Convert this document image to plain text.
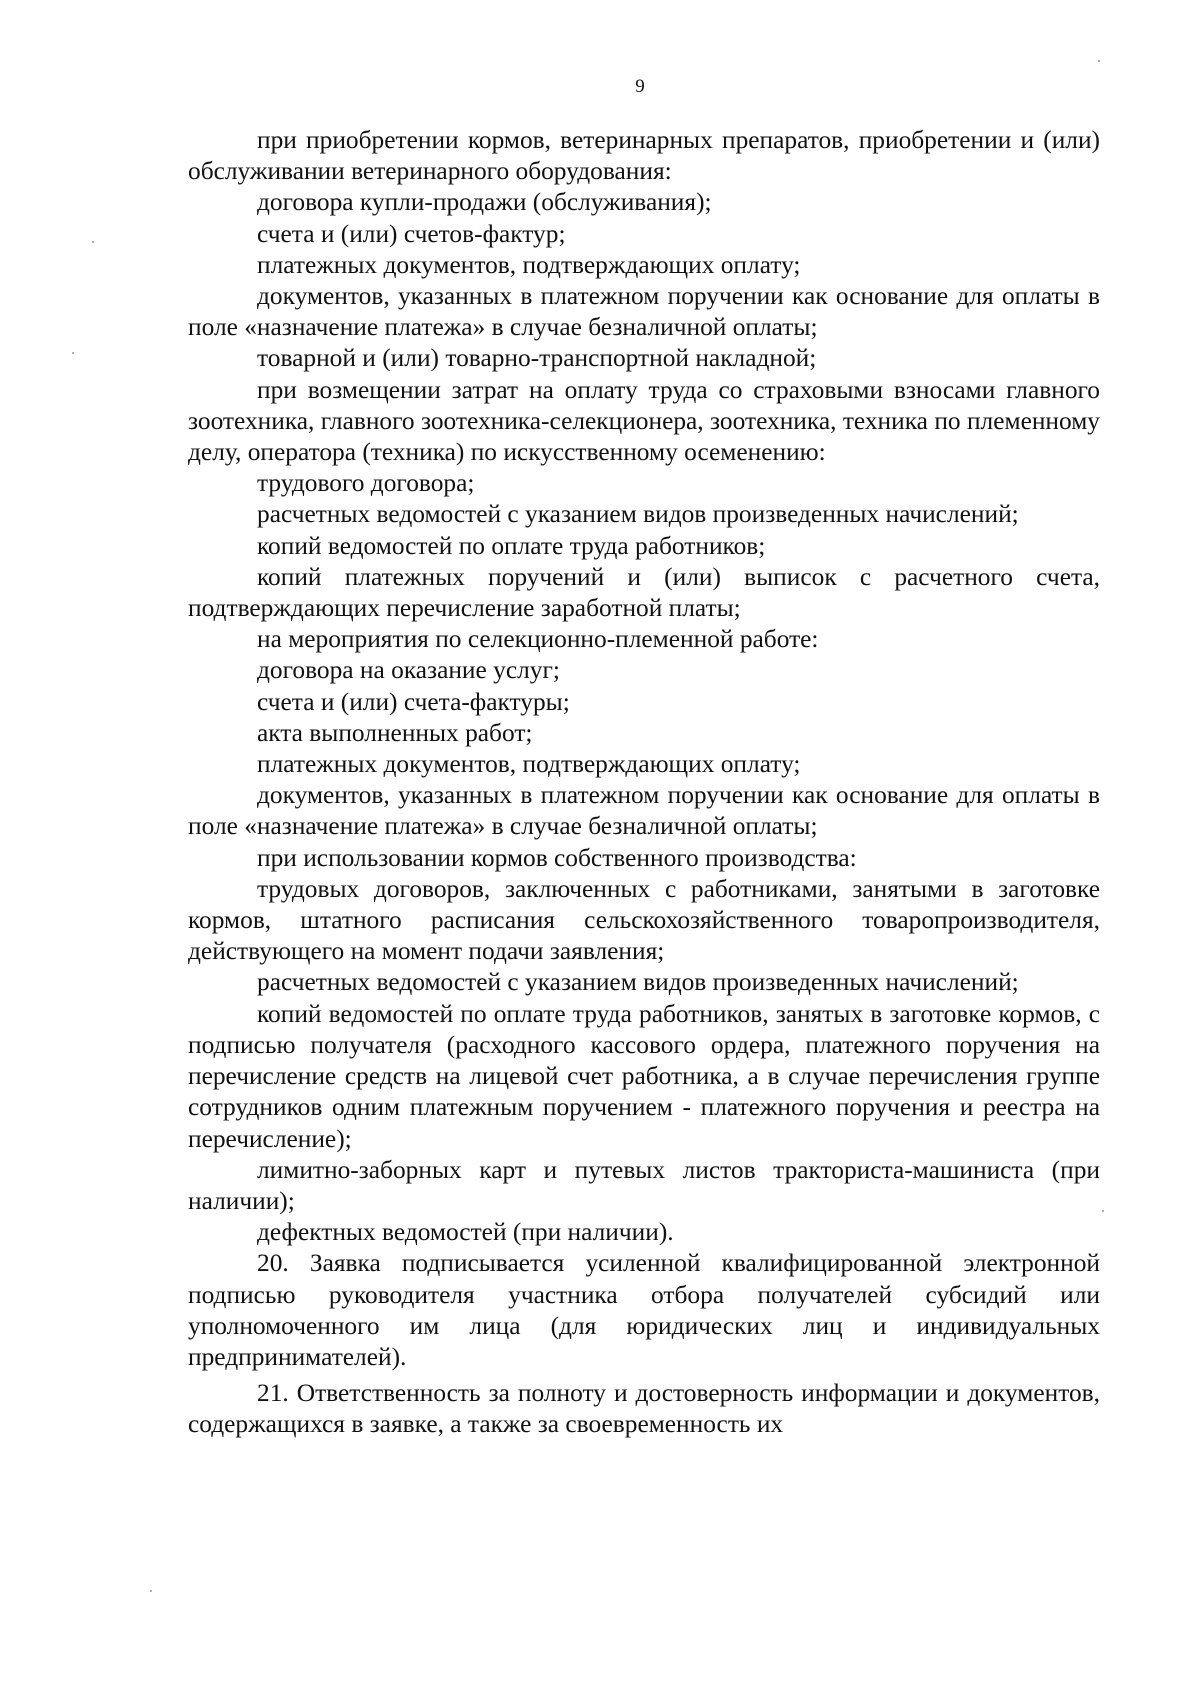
9

при приобретении кормов, ветеринарных препаратов, приобретении и (или) обслуживании ветеринарного оборудования:

договора купли-продажи (обслуживания);

счета и (или) счетов-фактур;

платежных документов, подтверждающих оплату;

документов, указанных в платежном поручении как основание для оплаты в поле «назначение платежа» в случае безналичной оплаты;

товарной и (или) товарно-транспортной накладной;

при возмещении затрат на оплату труда со страховыми взносами главного зоотехника, главного зоотехника-селекционера, зоотехника, техника по племенному делу, оператора (техника) по искусственному осеменению:

трудового договора;

расчетных ведомостей с указанием видов произведенных начислений;

копий ведомостей по оплате труда работников;

копий платежных поручений и (или) выписок с расчетного счета, подтверждающих перечисление заработной платы;

на мероприятия по селекционно-племенной работе:

договора на оказание услуг;

счета и (или) счета-фактуры;

акта выполненных работ;

платежных документов, подтверждающих оплату;

документов, указанных в платежном поручении как основание для оплаты в поле «назначение платежа» в случае безналичной оплаты;

при использовании кормов собственного производства:

трудовых договоров, заключенных с работниками, занятыми в заготовке кормов, штатного расписания сельскохозяйственного товаропроизводителя, действующего на момент подачи заявления;

расчетных ведомостей с указанием видов произведенных начислений;

копий ведомостей по оплате труда работников, занятых в заготовке кормов, с подписью получателя (расходного кассового ордера, платежного поручения на перечисление средств на лицевой счет работника, а в случае перечисления группе сотрудников одним платежным поручением - платежного поручения и реестра на перечисление);

лимитно-заборных карт и путевых листов тракториста-машиниста (при наличии);

дефектных ведомостей (при наличии).

20. Заявка подписывается усиленной квалифицированной электронной подписью руководителя участника отбора получателей субсидий или уполномоченного им лица (для юридических лиц и индивидуальных предпринимателей).

21. Ответственность за полноту и достоверность информации и документов, содержащихся в заявке, а также за своевременность их
